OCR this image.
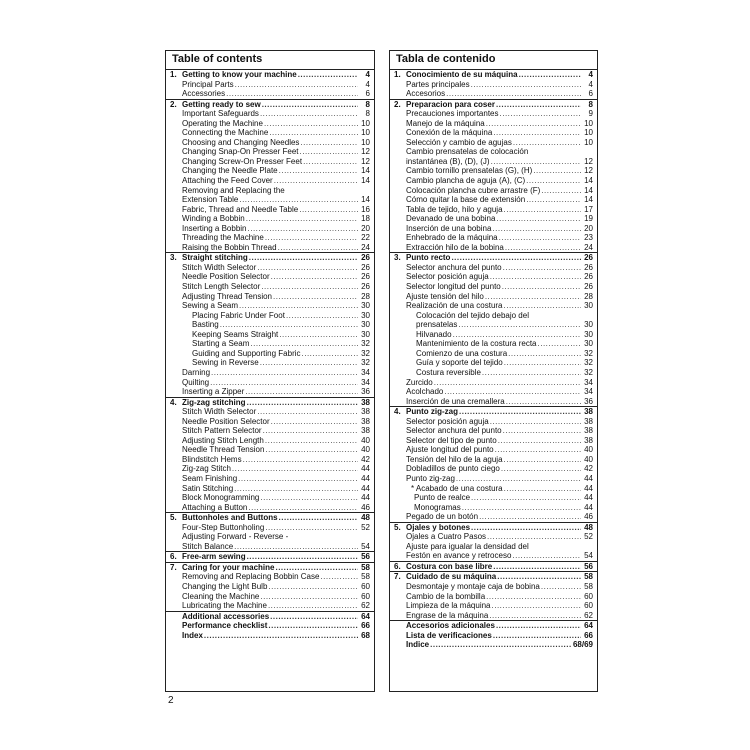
Table of contents
1. Getting to know your machine .....	4
Principal Parts .....	4
Accessories .....	6
2. Getting ready to sew .....	8
Important Safeguards .....	8
Operating the Machine .....	10
Connecting the Machine .....	10
Choosing and Changing Needles .....	10
Changing Snap-On Presser Feet .....	12
Changing Screw-On Presser Feet .....	12
Changing the Needle Plate .....	14
Attaching the Feed Cover .....	14
Removing and Replacing the
Extension Table .....	14
Fabric, Thread and Needle Table .....	16
Winding a Bobbin .....	18
Inserting a Bobbin .....	20
Threading the Machine .....	22
Raising the Bobbin Thread .....	24
3. Straight stitching .....	26
Stitch Width Selector .....	26
Needle Position Selector .....	26
Stitch Length Selector .....	26
Adjusting Thread Tension .....	28
Sewing a Seam .....	30
Placing Fabric Under Foot .....	30
Basting .....	30
Keeping Seams Straight .....	30
Starting a Seam .....	32
Guiding and Supporting Fabric .....	32
Sewing in Reverse .....	32
Darning .....	34
Quilting .....	34
Inserting a Zipper .....	36
4. Zig-zag stitching .....	38
Stitch Width Selector .....	38
Needle Position Selector .....	38
Stitch Pattern Selector .....	38
Adjusting Stitch Length .....	40
Needle Thread Tension .....	40
Blindstitch Hems .....	42
Zig-zag Stitch .....	44
Seam Finishing .....	44
Satin Stitching .....	44
Block Monogramming .....	44
Attaching a Button .....	46
5. Buttonholes and Buttons .....	48
Four-Step Buttonholing .....	52
Adjusting Forward - Reverse -
Stitch Balance .....	54
6. Free-arm sewing .....	56
7. Caring for your machine .....	58
Removing and Replacing Bobbin Case .....	58
Changing the Light Bulb .....	60
Cleaning the Machine .....	60
Lubricating the Machine .....	62
Additional accessories .....	64
Performance checklist .....	66
Index .....	68
Tabla de contenido
1. Conocimiento de su máquina .....	4
Partes principales .....	4
Accesorios .....	6
2. Preparacion para coser .....	8
Precauciones importantes .....	9
Manejo de la máquina .....	10
Conexión de la máquina .....	10
Selección y cambio de agujas .....	10
Cambio prensatelas de colocación
instantánea (B), (D), (J) .....	12
Cambio tornillo prensatelas (G), (H) .....	12
Cambio plancha de aguja (A), (C) .....	14
Colocación plancha cubre arrastre (F) .....	14
Cómo quitar la base de extensión .....	14
Tabla de tejido, hilo y aguja .....	17
Devanado de una bobina .....	19
Inserción de una bobina .....	20
Enhebrado de la máquina .....	23
Extracción hilo de la bobina .....	24
3. Punto recto .....	26
Selector anchura del punto .....	26
Selector posición aguja .....	26
Selector longitud del punto .....	26
Ajuste tensión del hilo .....	28
Realización de una costura .....	30
Colocación del tejido debajo del
prensatelas .....	30
Hilvanado .....	30
Mantenimiento de la costura recta .....	30
Comienzo de una costura .....	32
Guía y soporte del tejido .....	32
Costura reversible .....	32
Zurcido .....	34
Acolchado .....	34
Inserción de una cremallera .....	36
4. Punto zig-zag .....	38
Selector posición aguja .....	38
Selector anchura del punto .....	38
Selector del tipo de punto .....	38
Ajuste longitud del punto .....	40
Tensión del hilo de la aguja .....	40
Dobladillos de punto ciego .....	42
Punto zig-zag .....	44
* Acabado de una costura .....	44
Punto de realce .....	44
Monogramas .....	44
Pegado de un botón .....	46
5. Ojales y botones .....	48
Ojales a Cuatro Pasos .....	52
Ajuste para igualar la densidad del
Festón en avance y retroceso .....	54
6. Costura con base libre .....	56
7. Cuidado de su máquina .....	58
Desmontaje y montaje caja de bobina .....	58
Cambio de la bombilla .....	60
Limpieza de la máquina .....	60
Engrase de la máquina .....	62
Accesorios adicionales .....	64
Lista de verificaciones .....	66
Indice .....	68/69
2
